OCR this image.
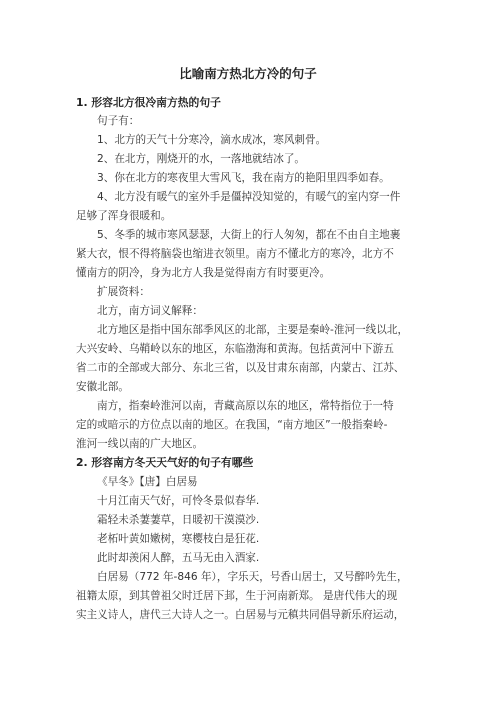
比喻南方热北方冷的句子
1. 形容北方很冷南方热的句子
句子有：
1、北方的天气十分寒冷，滴水成冰，寒风刺骨。
2、在北方，刚烧开的水，一落地就结冰了。
3、你在北方的寒夜里大雪风飞，我在南方的艳阳里四季如春。
4、北方没有暖气的室外手是僵掉没知觉的，有暖气的室内穿一件
足够了浑身很暖和。
5、冬季的城市寒风瑟瑟，大街上的行人匆匆，都在不由自主地裹
紧大衣，恨不得将脑袋也缩进衣领里。南方不懂北方的寒冷，北方不
懂南方的阴冷，身为北方人我是觉得南方有时要更冷。
扩展资料：
北方，南方词义解释：
北方地区是指中国东部季风区的北部，主要是秦岭-淮河一线以北，
大兴安岭、乌鞘岭以东的地区，东临渤海和黄海。包括黄河中下游五
省二市的全部或大部分、东北三省，以及甘肃东南部，内蒙古、江苏、
安徽北部。
南方，指秦岭淮河以南，青藏高原以东的地区，常特指位于一特
定的或暗示的方位点以南的地区。在我国，“南方地区”一般指秦岭-
淮河一线以南的广大地区。
2. 形容南方冬天天气好的句子有哪些
《早冬》【唐】白居易
十月江南天气好，可怜冬景似春华.
霜轻未杀萋萋草，日暖初干漠漠沙.
老柘叶黄如嫩树，寒樱枝白是狂花.
此时却羡闲人醉，五马无由入酒家.
白居易（772 年-846 年），字乐天，号香山居士，又号醉吟先生，
祖籍太原，到其曾祖父时迁居下邽，生于河南新郑。 是唐代伟大的现
实主义诗人，唐代三大诗人之一。白居易与元稹共同倡导新乐府运动，
